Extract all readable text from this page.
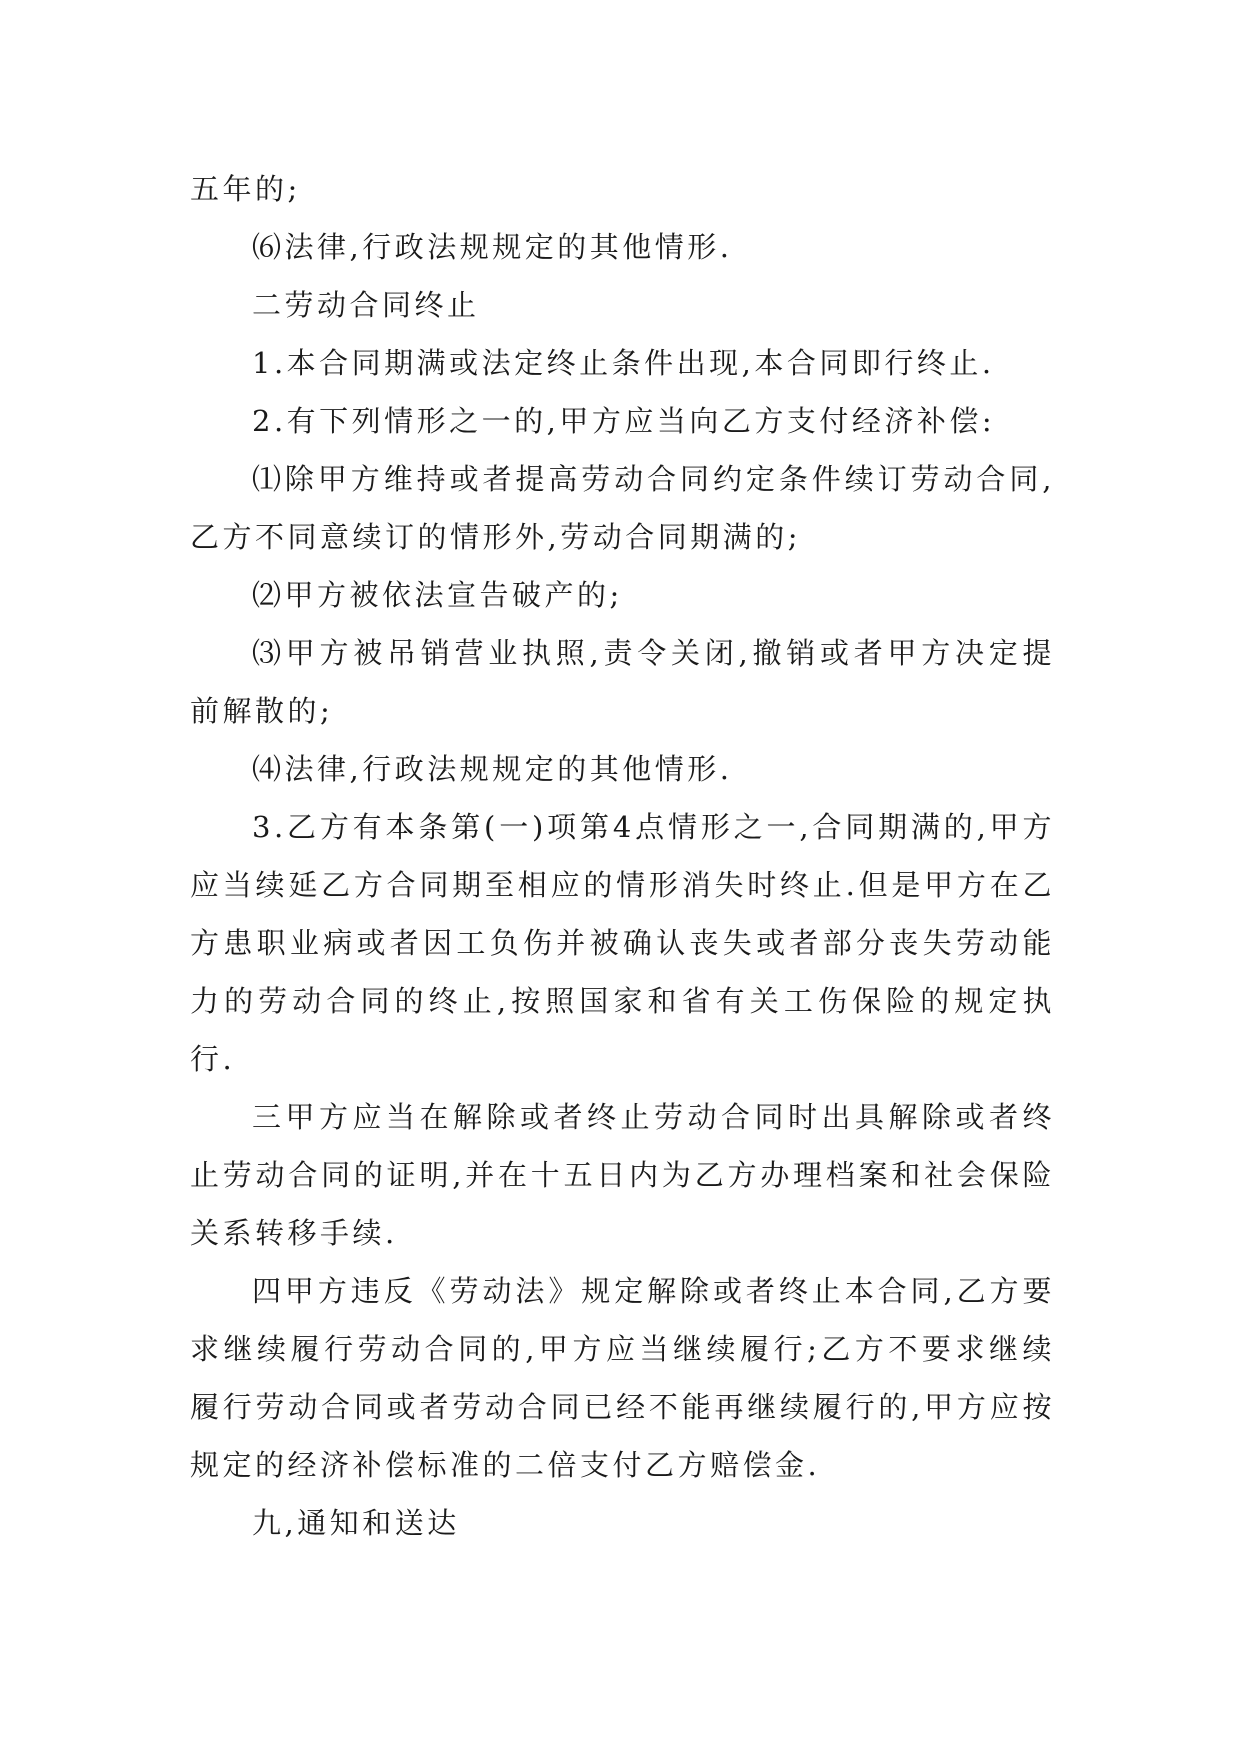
五年的;

⑹法律,行政法规规定的其他情形.

二劳动合同终止

1.本合同期满或法定终止条件出现,本合同即行终止.

2.有下列情形之一的,甲方应当向乙方支付经济补偿:

⑴除甲方维持或者提高劳动合同约定条件续订劳动合同,乙方不同意续订的情形外,劳动合同期满的;

⑵甲方被依法宣告破产的;

⑶甲方被吊销营业执照,责令关闭,撤销或者甲方决定提前解散的;

⑷法律,行政法规规定的其他情形.

3.乙方有本条第(一)项第4点情形之一,合同期满的,甲方应当续延乙方合同期至相应的情形消失时终止.但是甲方在乙方患职业病或者因工负伤并被确认丧失或者部分丧失劳动能力的劳动合同的终止,按照国家和省有关工伤保险的规定执行.

三甲方应当在解除或者终止劳动合同时出具解除或者终止劳动合同的证明,并在十五日内为乙方办理档案和社会保险关系转移手续.

四甲方违反《劳动法》规定解除或者终止本合同,乙方要求继续履行劳动合同的,甲方应当继续履行;乙方不要求继续履行劳动合同或者劳动合同已经不能再继续履行的,甲方应按规定的经济补偿标准的二倍支付乙方赔偿金.

九,通知和送达
